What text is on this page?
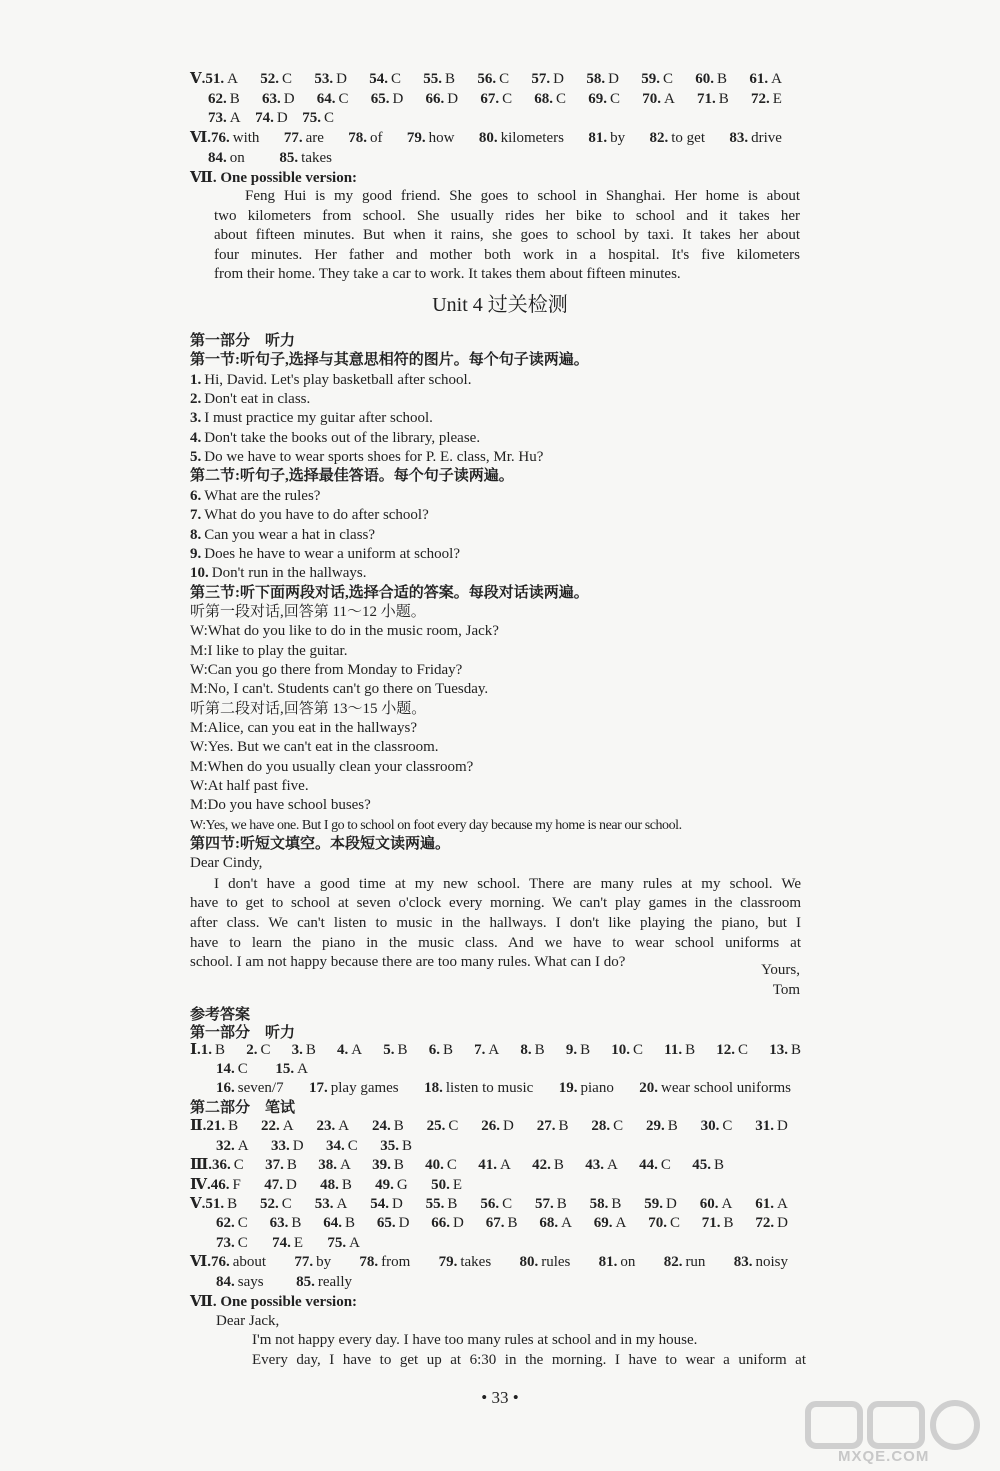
Ⅴ.51. A 52. C 53. D 54. C 55. B 56. C 57. D 58. D 59. C 60. B 61. A
62. B 63. D 64. C 65. D 66. D 67. C 68. C 69. C 70. A 71. B 72. E
73. A 74. D 75. C
Ⅵ.76. with 77. are 78. of 79. how 80. kilometers 81. by 82. to get 83. drive
84. on 85. takes
Ⅶ. One possible version:
Feng Hui is my good friend. She goes to school in Shanghai. Her home is about
two kilometers from school. She usually rides her bike to school and it takes her
about fifteen minutes. But when it rains, she goes to school by taxi. It takes her about
four minutes. Her father and mother both work in a hospital. It's five kilometers
from their home. They take a car to work. It takes them about fifteen minutes.
Unit 4 过关检测
第一部分　听力
第一节:听句子,选择与其意思相符的图片。每个句子读两遍。
1. Hi, David. Let's play basketball after school.
2. Don't eat in class.
3. I must practice my guitar after school.
4. Don't take the books out of the library, please.
5. Do we have to wear sports shoes for P. E. class, Mr. Hu?
第二节:听句子,选择最佳答语。每个句子读两遍。
6. What are the rules?
7. What do you have to do after school?
8. Can you wear a hat in class?
9. Does he have to wear a uniform at school?
10. Don't run in the hallways.
第三节:听下面两段对话,选择合适的答案。每段对话读两遍。
听第一段对话,回答第 11～12 小题。
W:What do you like to do in the music room, Jack?
M:I like to play the guitar.
W:Can you go there from Monday to Friday?
M:No, I can't. Students can't go there on Tuesday.
听第二段对话,回答第 13～15 小题。
M:Alice, can you eat in the hallways?
W:Yes. But we can't eat in the classroom.
M:When do you usually clean your classroom?
W:At half past five.
M:Do you have school buses?
W:Yes, we have one. But I go to school on foot every day because my home is near our school.
第四节:听短文填空。本段短文读两遍。
Dear Cindy,
I don't have a good time at my new school. There are many rules at my school. We
have to get to school at seven o'clock every morning. We can't play games in the classroom
after class. We can't listen to music in the hallways. I don't like playing the piano, but I
have to learn the piano in the music class. And we have to wear school uniforms at
school. I am not happy because there are too many rules. What can I do?	Yours,
Tom
参考答案
第一部分　听力
Ⅰ.1. B 2. C 3. B 4. A 5. B 6. B 7. A 8. B 9. B 10. C 11. B 12. C 13. B
14. C 15. A
16. seven/7 17. play games 18. listen to music 19. piano 20. wear school uniforms
第二部分　笔试
Ⅱ.21. B 22. A 23. A 24. B 25. C 26. D 27. B 28. C 29. B 30. C 31. D
32. A 33. D 34. C 35. B
Ⅲ.36. C 37. B 38. A 39. B 40. C 41. A 42. B 43. A 44. C 45. B
Ⅳ.46. F 47. D 48. B 49. G 50. E
Ⅴ.51. B 52. C 53. A 54. D 55. B 56. C 57. B 58. B 59. D 60. A 61. A
62. C 63. B 64. B 65. D 66. D 67. B 68. A 69. A 70. C 71. B 72. D
73. C 74. E 75. A
Ⅵ.76. about 77. by 78. from 79. takes 80. rules 81. on 82. run 83. noisy
84. says 85. really
Ⅶ. One possible version:
Dear Jack,
I'm not happy every day. I have too many rules at school and in my house.
Every day, I have to get up at 6:30 in the morning. I have to wear a uniform at
MXQE.COM
• 33 •
